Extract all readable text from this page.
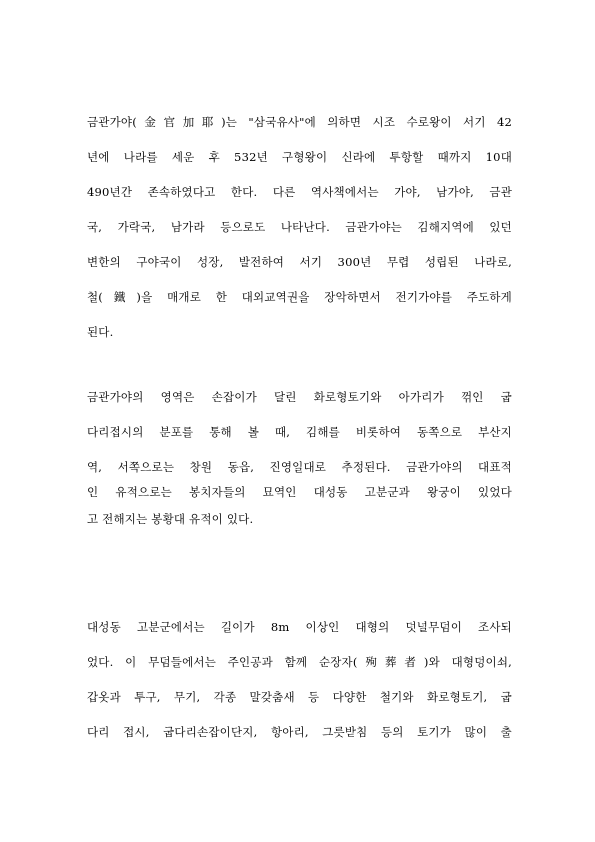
금관가야(金官加耶)는 "삼국유사"에 의하면 시조 수로왕이 서기 42
년에 나라를 세운 후 532년 구형왕이 신라에 투항할 때까지 10대
490년간 존속하였다고 한다. 다른 역사책에서는 가야, 남가야, 금관
국, 가락국, 남가라 등으로도 나타난다. 금관가야는 김해지역에 있던
변한의 구야국이 성장, 발전하여 서기 300년 무렵 성립된 나라로,
철(鐵)을 매개로 한 대외교역권을 장악하면서 전기가야를 주도하게
된다.
금관가야의 영역은 손잡이가 달린 화로형토기와 아가리가 꺾인 굽
다리접시의 분포를 통해 볼 때, 김해를 비롯하여 동쪽으로 부산지
역, 서쪽으로는 창원 동읍, 진영일대로 추정된다. 금관가야의 대표적
인 유적으로는 봉치자들의 묘역인 대성동 고분군과 왕궁이 있었다
고 전해지는 봉황대 유적이 있다.
대성동 고분군에서는 길이가 8m 이상인 대형의 덧널무덤이 조사되
었다. 이 무덤들에서는 주인공과 함께 순장자(殉葬者)와 대형덩이쇠,
갑옷과 투구, 무기, 각종 말갖춤새 등 다양한 철기와 화로형토기, 굽
다리 접시, 굽다리손잡이단지, 항아리, 그릇받침 등의 토기가 많이 출
